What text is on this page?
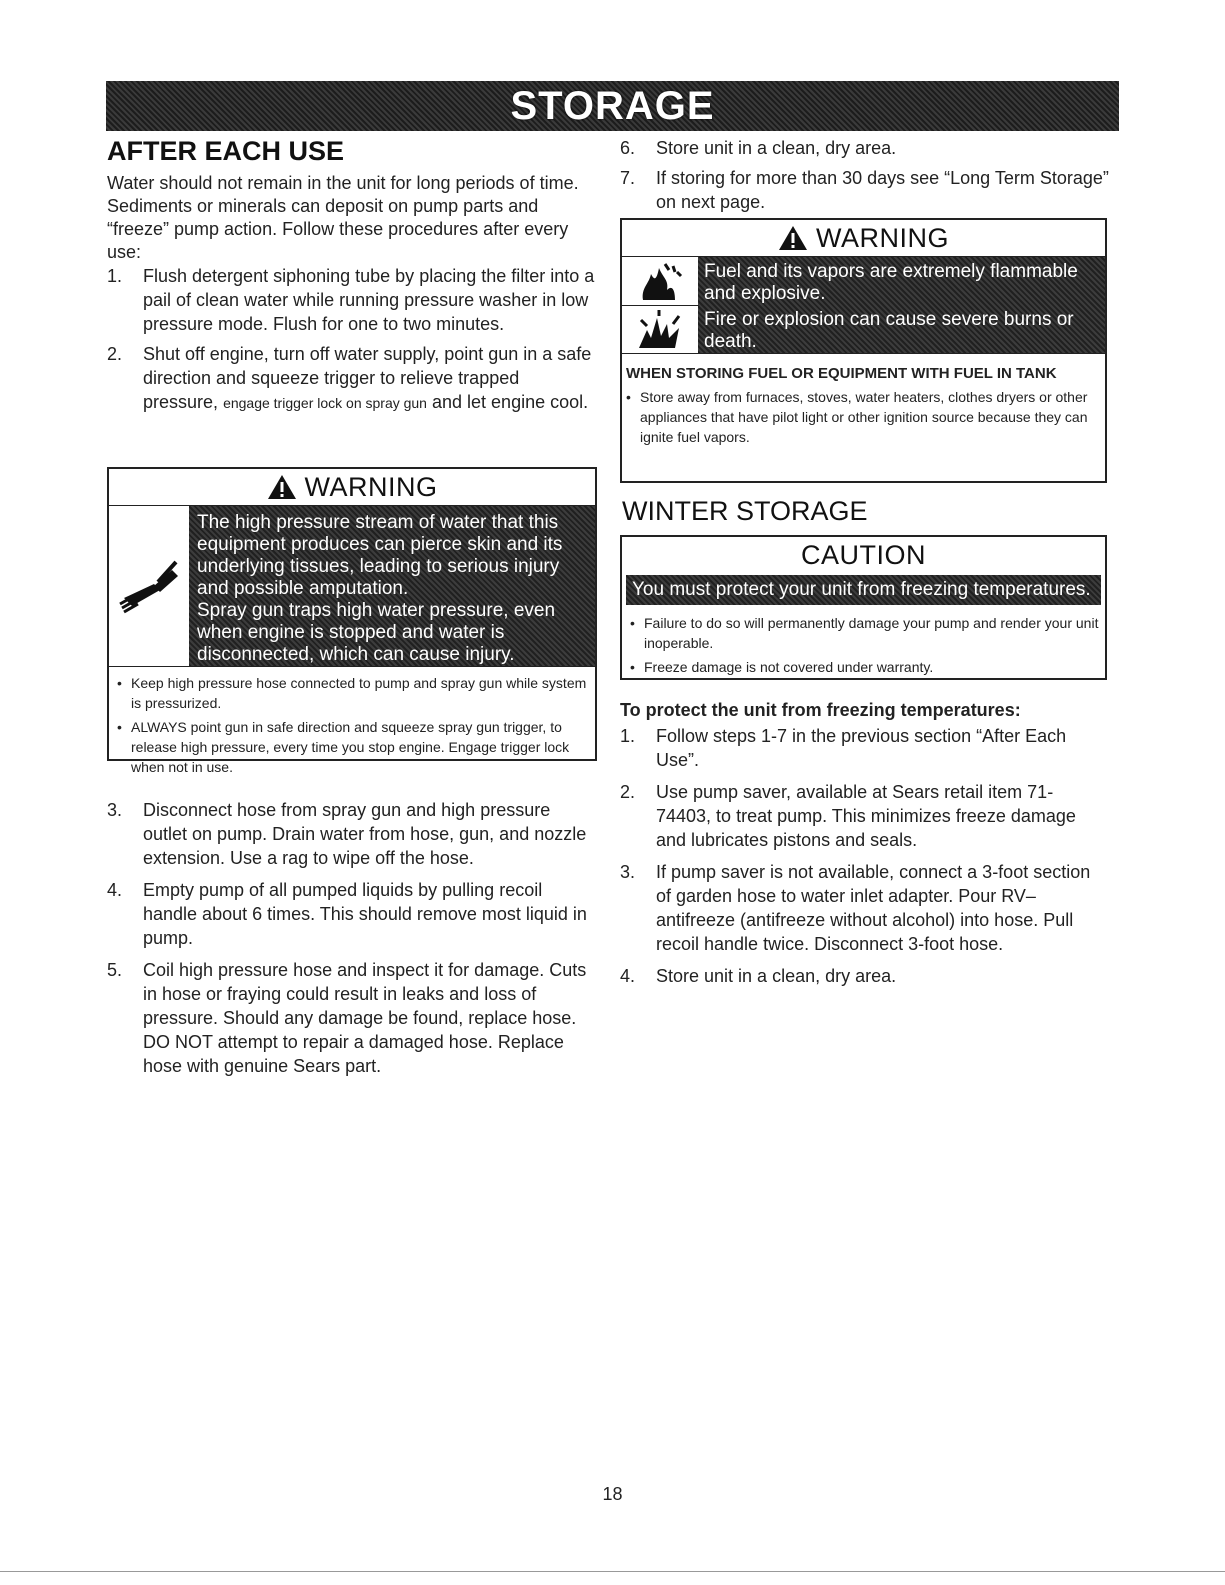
STORAGE
AFTER EACH USE
Water should not remain in the unit for long periods of time. Sediments or minerals can deposit on pump parts and “freeze” pump action. Follow these procedures after every use:
1.	Flush detergent siphoning tube by placing the filter into a pail of clean water while running pressure washer in low pressure mode. Flush for one to two minutes.
2.	Shut off engine, turn off water supply, point gun in a safe direction and squeeze trigger to relieve trapped pressure, engage trigger lock on spray gun and let engine cool.
WARNING
The high pressure stream of water that this equipment produces can pierce skin and its underlying tissues, leading to serious injury and possible amputation.
Spray gun traps high water pressure, even when engine is stopped and water is disconnected, which can cause injury.
• Keep high pressure hose connected to pump and spray gun while system is pressurized.
• ALWAYS point gun in safe direction and squeeze spray gun trigger, to release high pressure, every time you stop engine. Engage trigger lock when not in use.
3.	Disconnect hose from spray gun and high pressure outlet on pump. Drain water from hose, gun, and nozzle extension. Use a rag to wipe off the hose.
4.	Empty pump of all pumped liquids by pulling recoil handle about 6 times. This should remove most liquid in pump.
5.	Coil high pressure hose and inspect it for damage. Cuts in hose or fraying could result in leaks and loss of pressure. Should any damage be found, replace hose. DO NOT attempt to repair a damaged hose. Replace hose with genuine Sears part.
6.	Store unit in a clean, dry area.
7.	If storing for more than 30 days see “Long Term Storage” on next page.
WARNING
Fuel and its vapors are extremely flammable and explosive.
Fire or explosion can cause severe burns or death.
WHEN STORING FUEL OR EQUIPMENT WITH FUEL IN TANK
• Store away from furnaces, stoves, water heaters, clothes dryers or other appliances that have pilot light or other ignition source because they can ignite fuel vapors.
WINTER STORAGE
CAUTION
You must protect your unit from freezing temperatures.
• Failure to do so will permanently damage your pump and render your unit inoperable.
• Freeze damage is not covered under warranty.
To protect the unit from freezing temperatures:
1.	Follow steps 1-7 in the previous section “After Each Use”.
2.	Use pump saver, available at Sears retail item 71-74403, to treat pump. This minimizes freeze damage and lubricates pistons and seals.
3.	If pump saver is not available, connect a 3-foot section of garden hose to water inlet adapter. Pour RV–antifreeze (antifreeze without alcohol) into hose. Pull recoil handle twice. Disconnect 3-foot hose.
4.	Store unit in a clean, dry area.
18
